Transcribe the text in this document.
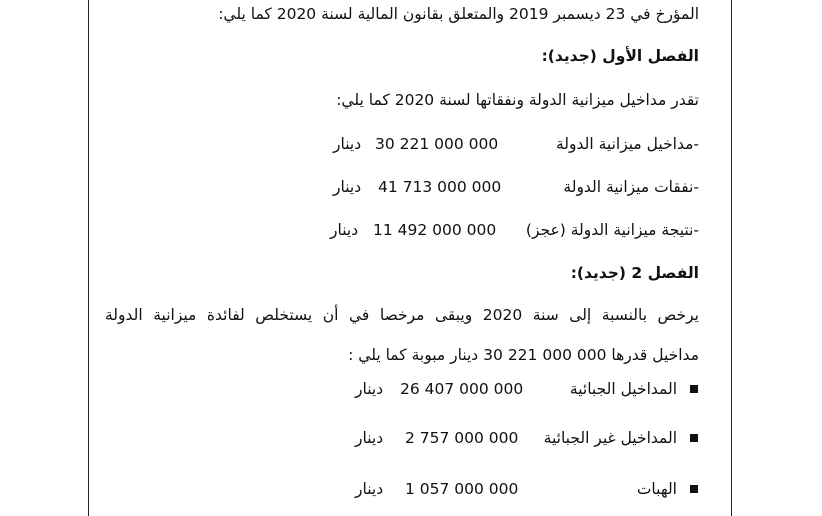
المؤرخ في 23 ديسمبر 2019 والمتعلق بقانون المالية لسنة 2020 كما يلي:
الفصل الأول (جديد):
تقدر مداخيل ميزانية الدولة ونفقاتها لسنة 2020 كما يلي:
-مداخيل ميزانية الدولة
30 221 000 000
دينار
-نفقات ميزانية الدولة
41 713 000 000
دينار
-نتيجة ميزانية الدولة (عجز)
11 492 000 000
دينار
الفصل 2 (جديد):
يرخص بالنسبة إلى سنة 2020 ويبقى مرخصا في أن يستخلص لفائدة ميزانية الدولة
مداخيل قدرها 000 000 221 30 دينار مبوبة كما يلي :
المداخيل الجبائية
26 407 000 000
دينار
المداخيل غير الجبائية
2 757 000 000
دينار
الهبات
1 057 000 000
دينار
